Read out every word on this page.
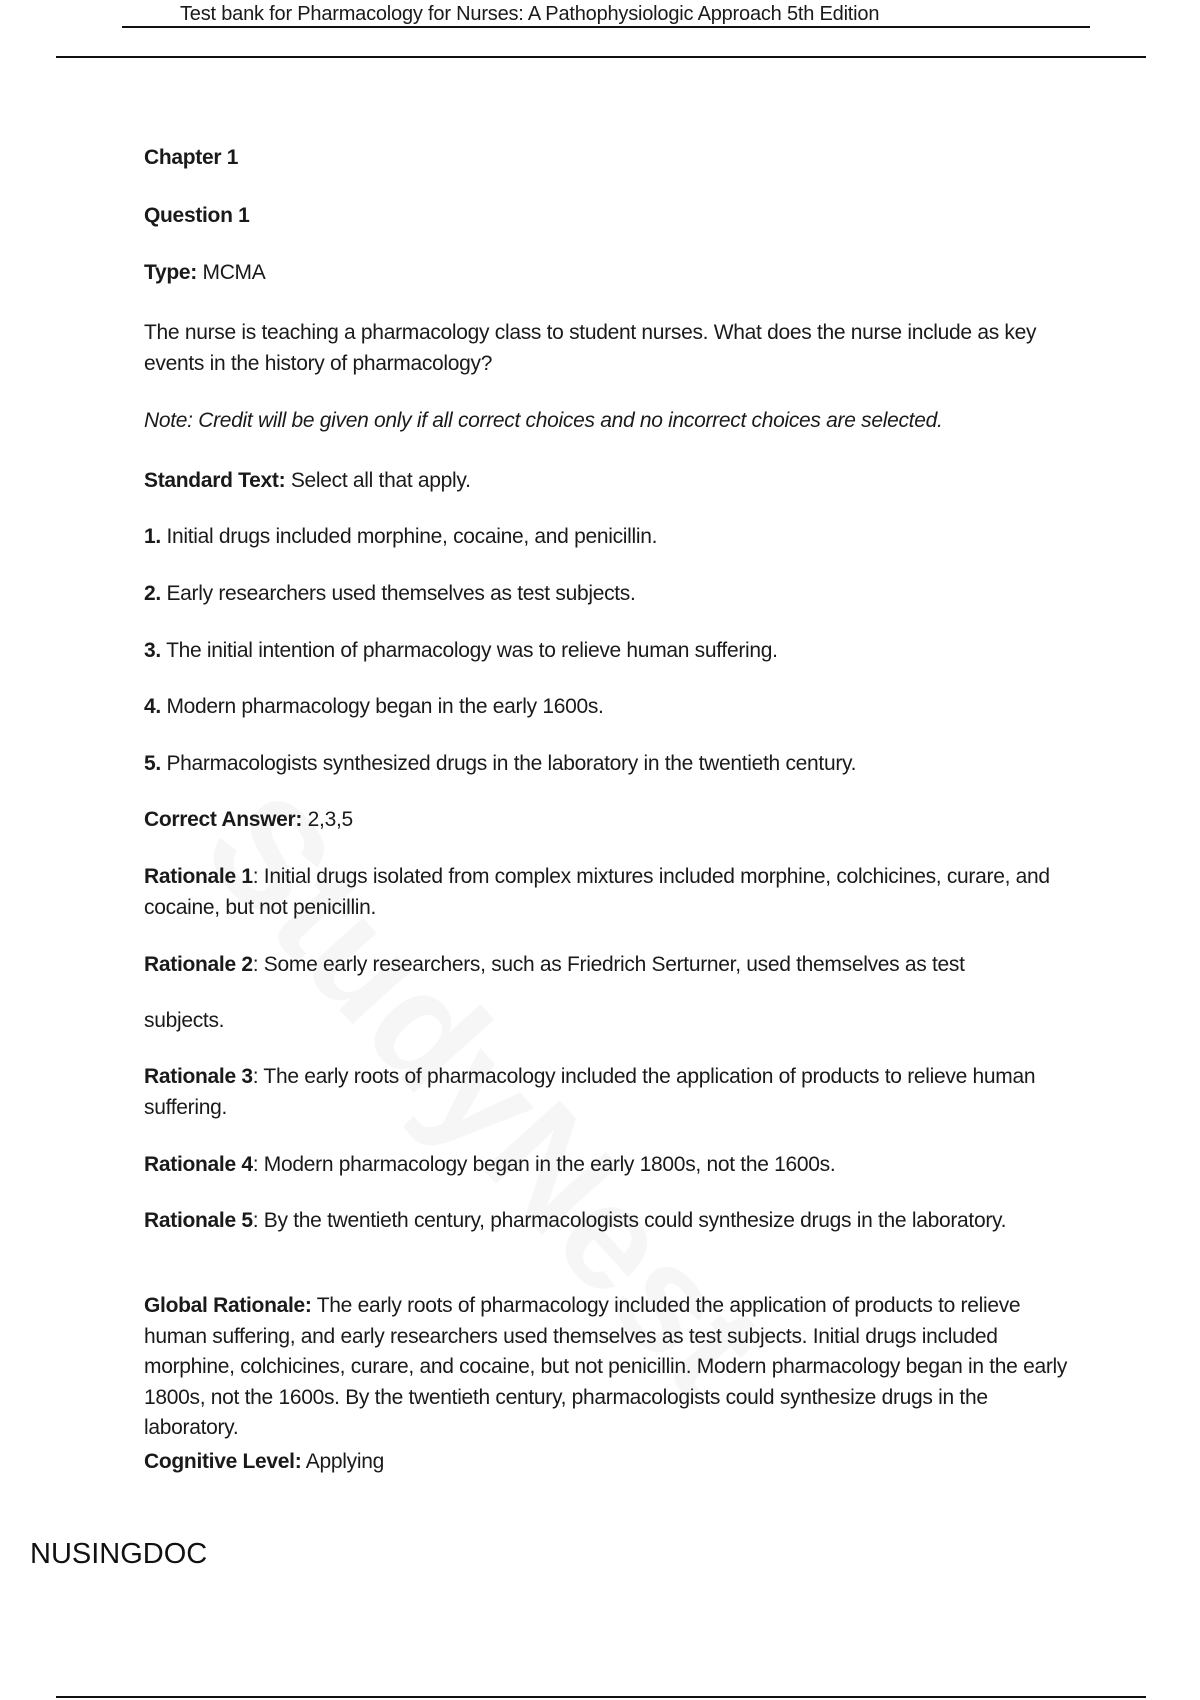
Test bank for Pharmacology for Nurses: A Pathophysiologic Approach 5th Edition
Chapter 1
Question 1
Type: MCMA
The nurse is teaching a pharmacology class to student nurses. What does the nurse include as key events in the history of pharmacology?
Note: Credit will be given only if all correct choices and no incorrect choices are selected.
Standard Text: Select all that apply.
1. Initial drugs included morphine, cocaine, and penicillin.
2. Early researchers used themselves as test subjects.
3. The initial intention of pharmacology was to relieve human suffering.
4. Modern pharmacology began in the early 1600s.
5. Pharmacologists synthesized drugs in the laboratory in the twentieth century.
Correct Answer: 2,3,5
Rationale 1: Initial drugs isolated from complex mixtures included morphine, colchicines, curare, and cocaine, but not penicillin.
Rationale 2: Some early researchers, such as Friedrich Serturner, used themselves as test
subjects.
Rationale 3: The early roots of pharmacology included the application of products to relieve human suffering.
Rationale 4: Modern pharmacology began in the early 1800s, not the 1600s.
Rationale 5: By the twentieth century, pharmacologists could synthesize drugs in the laboratory.
Global Rationale: The early roots of pharmacology included the application of products to relieve human suffering, and early researchers used themselves as test subjects. Initial drugs included morphine, colchicines, curare, and cocaine, but not penicillin. Modern pharmacology began in the early 1800s, not the 1600s. By the twentieth century, pharmacologists could synthesize drugs in the laboratory.
Cognitive Level: Applying
NUSINGDOC
